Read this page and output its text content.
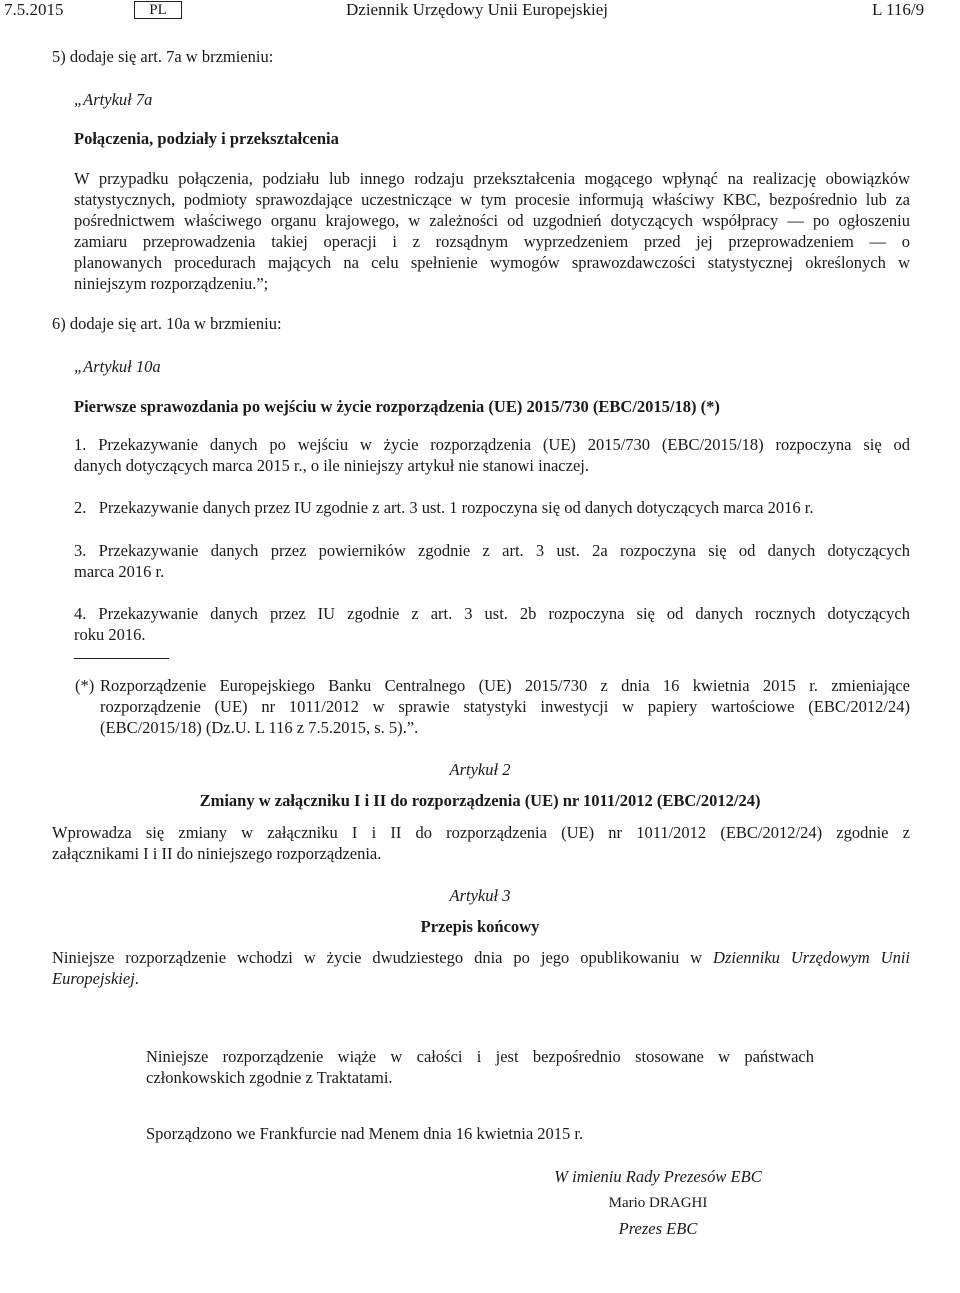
7.5.2015	PL	Dziennik Urzędowy Unii Europejskiej	L 116/9
5) dodaje się art. 7a w brzmieniu:
„Artykuł 7a
Połączenia, podziały i przekształcenia
W przypadku połączenia, podziału lub innego rodzaju przekształcenia mogącego wpłynąć na realizację obowiązków
statystycznych, podmioty sprawozdające uczestniczące w tym procesie informują właściwy KBC, bezpośrednio lub za
pośrednictwem właściwego organu krajowego, w zależności od uzgodnień dotyczących współpracy — po ogłoszeniu
zamiaru przeprowadzenia takiej operacji i z rozsądnym wyprzedzeniem przed jej przeprowadzeniem — o
planowanych procedurach mających na celu spełnienie wymogów sprawozdawczości statystycznej określonych w
niniejszym rozporządzeniu.”;
6) dodaje się art. 10a w brzmieniu:
„Artykuł 10a
Pierwsze sprawozdania po wejściu w życie rozporządzenia (UE) 2015/730 (EBC/2015/18) (*)
1. Przekazywanie danych po wejściu w życie rozporządzenia (UE) 2015/730 (EBC/2015/18) rozpoczyna się od
danych dotyczących marca 2015 r., o ile niniejszy artykuł nie stanowi inaczej.
2.   Przekazywanie danych przez IU zgodnie z art. 3 ust. 1 rozpoczyna się od danych dotyczących marca 2016 r.
3. Przekazywanie danych przez powierników zgodnie z art. 3 ust. 2a rozpoczyna się od danych dotyczących
marca 2016 r.
4. Przekazywanie danych przez IU zgodnie z art. 3 ust. 2b rozpoczyna się od danych rocznych dotyczących
roku 2016.
(*) Rozporządzenie Europejskiego Banku Centralnego (UE) 2015/730 z dnia 16 kwietnia 2015 r. zmieniające
rozporządzenie (UE) nr 1011/2012 w sprawie statystyki inwestycji w papiery wartościowe (EBC/2012/24)
(EBC/2015/18) (Dz.U. L 116 z 7.5.2015, s. 5).”.
Artykuł 2
Zmiany w załączniku I i II do rozporządzenia (UE) nr 1011/2012 (EBC/2012/24)
Wprowadza się zmiany w załączniku I i II do rozporządzenia (UE) nr 1011/2012 (EBC/2012/24) zgodnie z
załącznikami I i II do niniejszego rozporządzenia.
Artykuł 3
Przepis końcowy
Niniejsze rozporządzenie wchodzi w życie dwudziestego dnia po jego opublikowaniu w Dzienniku Urzędowym Unii
Europejskiej.
Niniejsze rozporządzenie wiąże w całości i jest bezpośrednio stosowane w państwach
członkowskich zgodnie z Traktatami.
Sporządzono we Frankfurcie nad Menem dnia 16 kwietnia 2015 r.
W imieniu Rady Prezesów EBC
Mario DRAGHI
Prezes EBC
